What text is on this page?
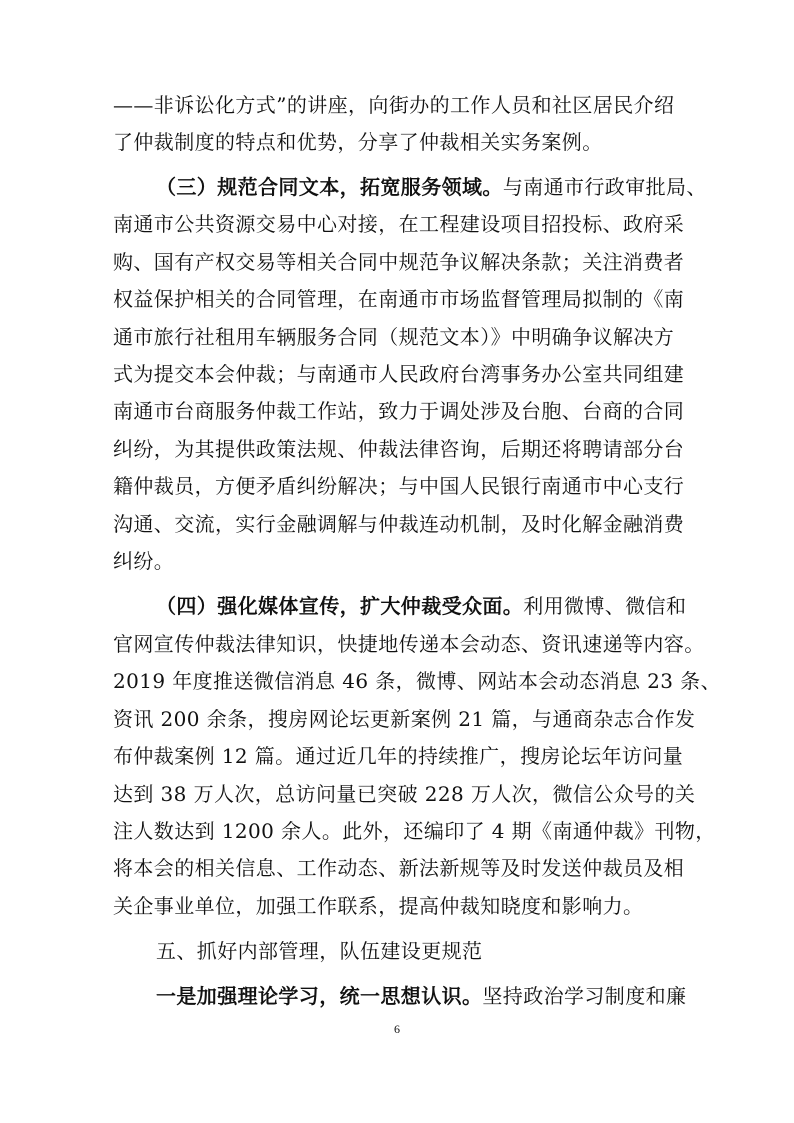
——非诉讼化方式”的讲座，向街办的工作人员和社区居民介绍
了仲裁制度的特点和优势，分享了仲裁相关实务案例。
（三）规范合同文本，拓宽服务领域。与南通市行政审批局、
南通市公共资源交易中心对接，在工程建设项目招投标、政府采
购、国有产权交易等相关合同中规范争议解决条款；关注消费者
权益保护相关的合同管理，在南通市市场监督管理局拟制的《南
通市旅行社租用车辆服务合同（规范文本）》中明确争议解决方
式为提交本会仲裁；与南通市人民政府台湾事务办公室共同组建
南通市台商服务仲裁工作站，致力于调处涉及台胞、台商的合同
纠纷，为其提供政策法规、仲裁法律咨询，后期还将聘请部分台
籍仲裁员，方便矛盾纠纷解决；与中国人民银行南通市中心支行
沟通、交流，实行金融调解与仲裁连动机制，及时化解金融消费
纠纷。
（四）强化媒体宣传，扩大仲裁受众面。利用微博、微信和
官网宣传仲裁法律知识，快捷地传递本会动态、资讯速递等内容。
2019 年度推送微信消息 46 条，微博、网站本会动态消息 23 条、
资讯 200 余条，搜房网论坛更新案例 21 篇，与通商杂志合作发
布仲裁案例 12 篇。通过近几年的持续推广，搜房论坛年访问量
达到 38 万人次，总访问量已突破 228 万人次，微信公众号的关
注人数达到 1200 余人。此外，还编印了 4 期《南通仲裁》刊物，
将本会的相关信息、工作动态、新法新规等及时发送仲裁员及相
关企事业单位，加强工作联系，提高仲裁知晓度和影响力。
五、抓好内部管理，队伍建设更规范
一是加强理论学习，统一思想认识。坚持政治学习制度和廉
6
